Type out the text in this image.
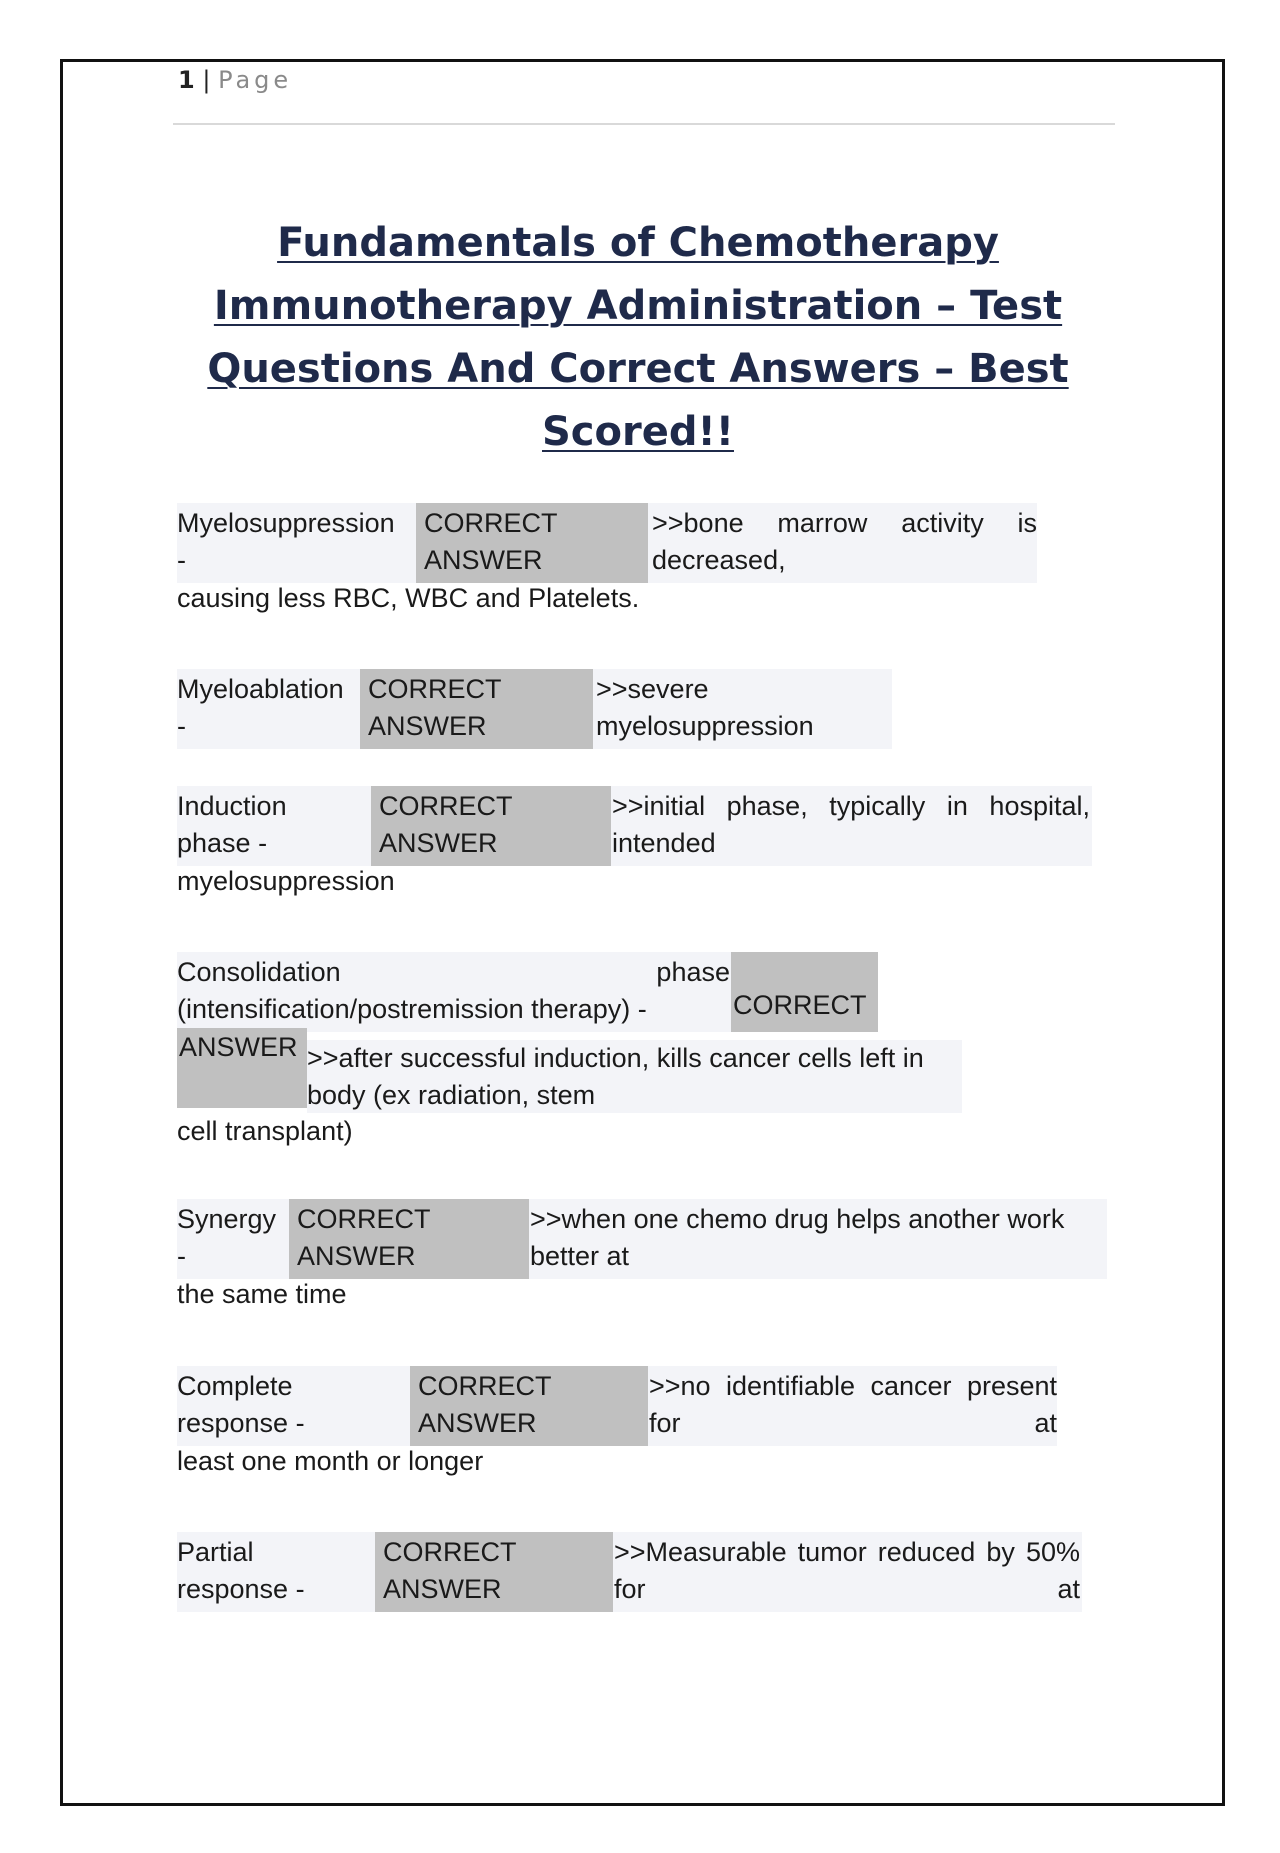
1 | Page
Fundamentals of Chemotherapy Immunotherapy Administration – Test Questions And Correct Answers – Best Scored!!
Myelosuppression -
CORRECT ANSWER
>>bone marrow activity is decreased,
causing less RBC, WBC and Platelets.
Myeloablation -
CORRECT ANSWER
>>severe myelosuppression
Induction phase -
CORRECT ANSWER
>>initial phase, typically in hospital, intended
myelosuppression
Consolidation phase (intensification/postremission therapy) -
>>after successful induction, kills cancer cells left in body (ex radiation, stem
cell transplant)
Synergy -
CORRECT ANSWER
>>when one chemo drug helps another work better at
the same time
Complete response -
CORRECT ANSWER
>>no identifiable cancer present for at
least one month or longer
Partial response -
CORRECT ANSWER
>>Measurable tumor reduced by 50% for at
CORRECT
ANSWER
